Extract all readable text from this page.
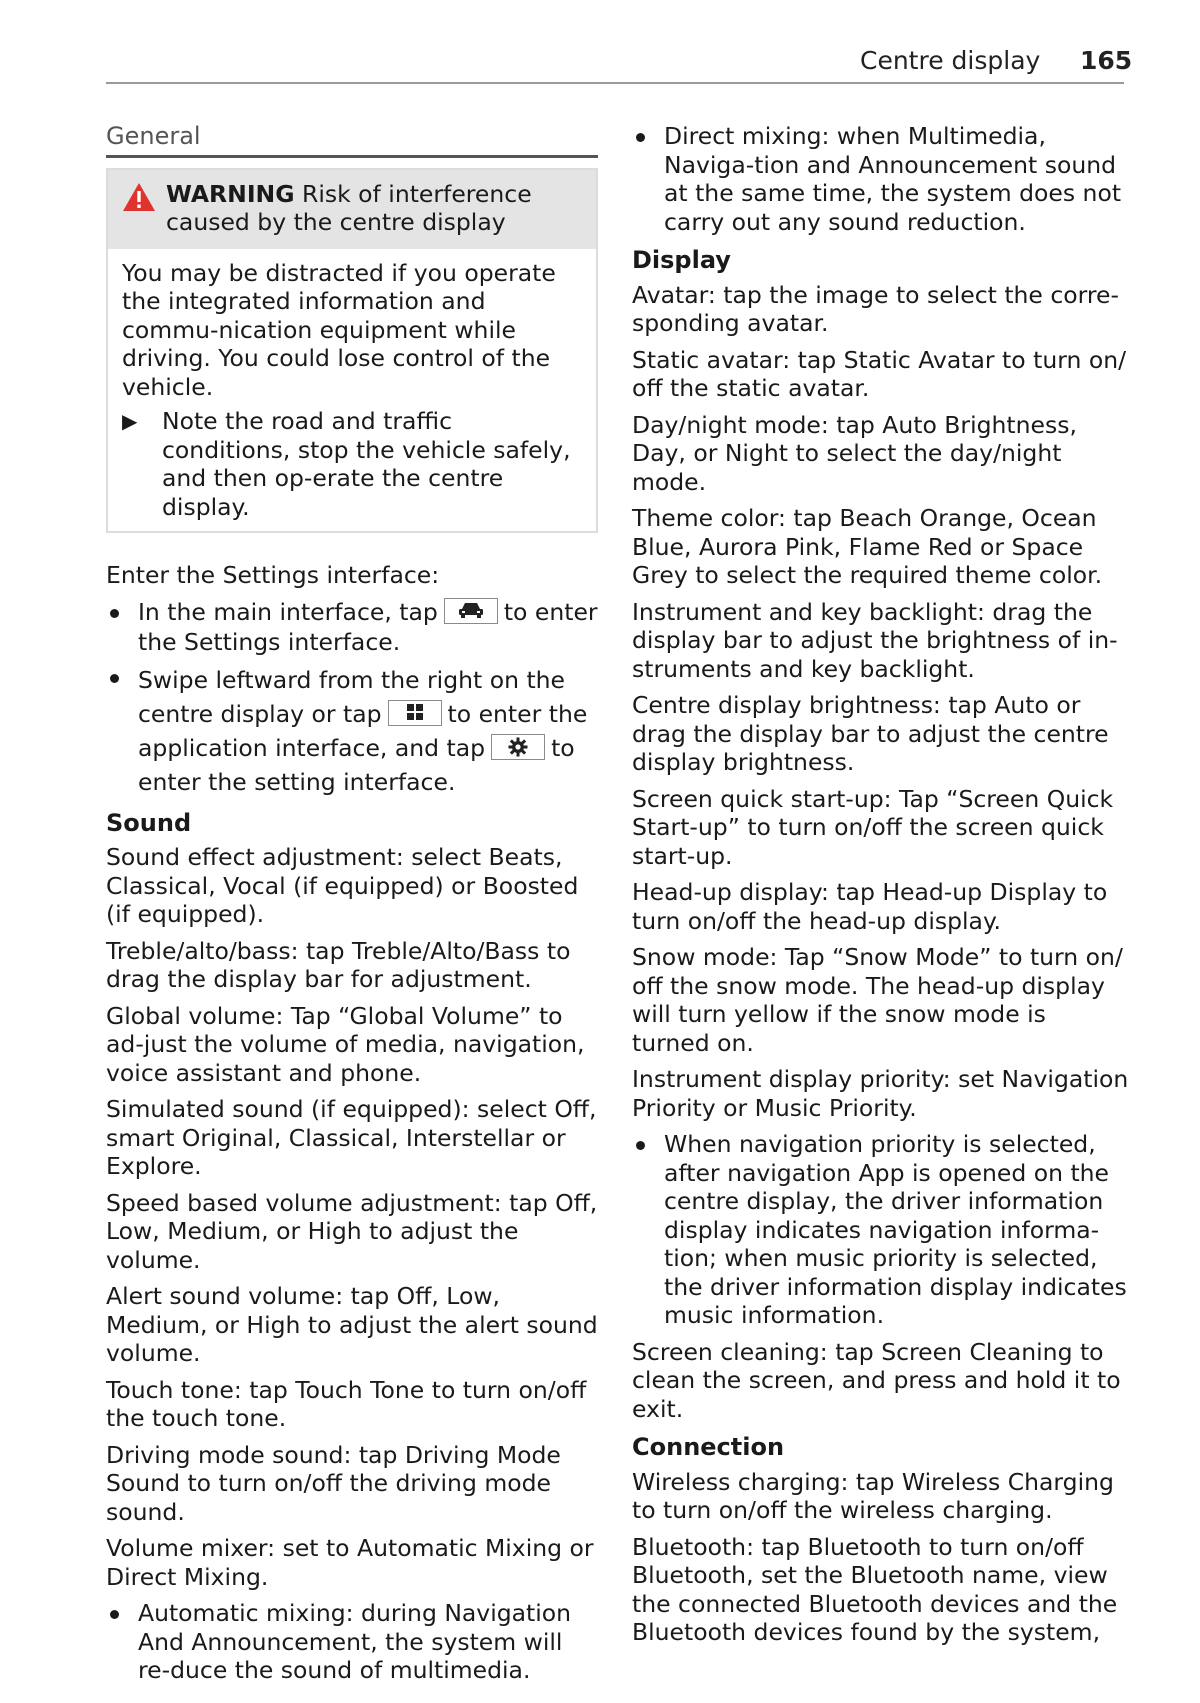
Centre display 165
General
WARNING Risk of interference caused by the centre display

You may be distracted if you operate the integrated information and commu-nication equipment while driving. You could lose control of the vehicle.

▶	Note the road and traffic conditions, stop the vehicle safely, and then op-erate the centre display.

Enter the Settings interface:

In the main interface, tap	to enter the Settings interface.
Swipe leftward from the right on the centre display or tap	to enter the application interface, and tap	to enter the setting interface.
Sound

Sound effect adjustment: select Beats, Classical, Vocal (if equipped) or Boosted (if equipped).

Treble/alto/bass: tap Treble/Alto/Bass to drag the display bar for adjustment.

Global volume: Tap “Global Volume” to ad-just the volume of media, navigation, voice assistant and phone.

Simulated sound (if equipped): select Off, smart Original, Classical, Interstellar or Explore.

Speed based volume adjustment: tap Off, Low, Medium, or High to adjust the volume.

Alert sound volume: tap Off, Low, Medium, or High to adjust the alert sound volume.

Touch tone: tap Touch Tone to turn on/off the touch tone.

Driving mode sound: tap Driving Mode Sound to turn on/off the driving mode sound.

Volume mixer: set to Automatic Mixing or Direct Mixing.

Automatic mixing: during Navigation And Announcement, the system will re-duce the sound of multimedia.
Direct mixing: when Multimedia, Naviga-tion and Announcement sound at the same time, the system does not carry out any sound reduction.
Display

Avatar: tap the image to select the corre-sponding avatar.

Static avatar: tap Static Avatar to turn on/ off the static avatar.

Day/night mode: tap Auto Brightness, Day, or Night to select the day/night mode.

Theme color: tap Beach Orange, Ocean Blue, Aurora Pink, Flame Red or Space Grey to select the required theme color.

Instrument and key backlight: drag the display bar to adjust the brightness of in-struments and key backlight.

Centre display brightness: tap Auto or drag the display bar to adjust the centre display brightness.

Screen quick start-up: Tap “Screen Quick Start-up” to turn on/off the screen quick start-up.

Head-up display: tap Head-up Display to turn on/off the head-up display.

Snow mode: Tap “Snow Mode” to turn on/ off the snow mode. The head-up display will turn yellow if the snow mode is turned on.

Instrument display priority: set Navigation Priority or Music Priority.

When navigation priority is selected, after navigation App is opened on the centre display, the driver information display indicates navigation informa-tion; when music priority is selected, the driver information display indicates music information.

Screen cleaning: tap Screen Cleaning to clean the screen, and press and hold it to exit.

Connection

Wireless charging: tap Wireless Charging to turn on/off the wireless charging.

Bluetooth: tap Bluetooth to turn on/off Bluetooth, set the Bluetooth name, view the connected Bluetooth devices and the Bluetooth devices found by the system,
